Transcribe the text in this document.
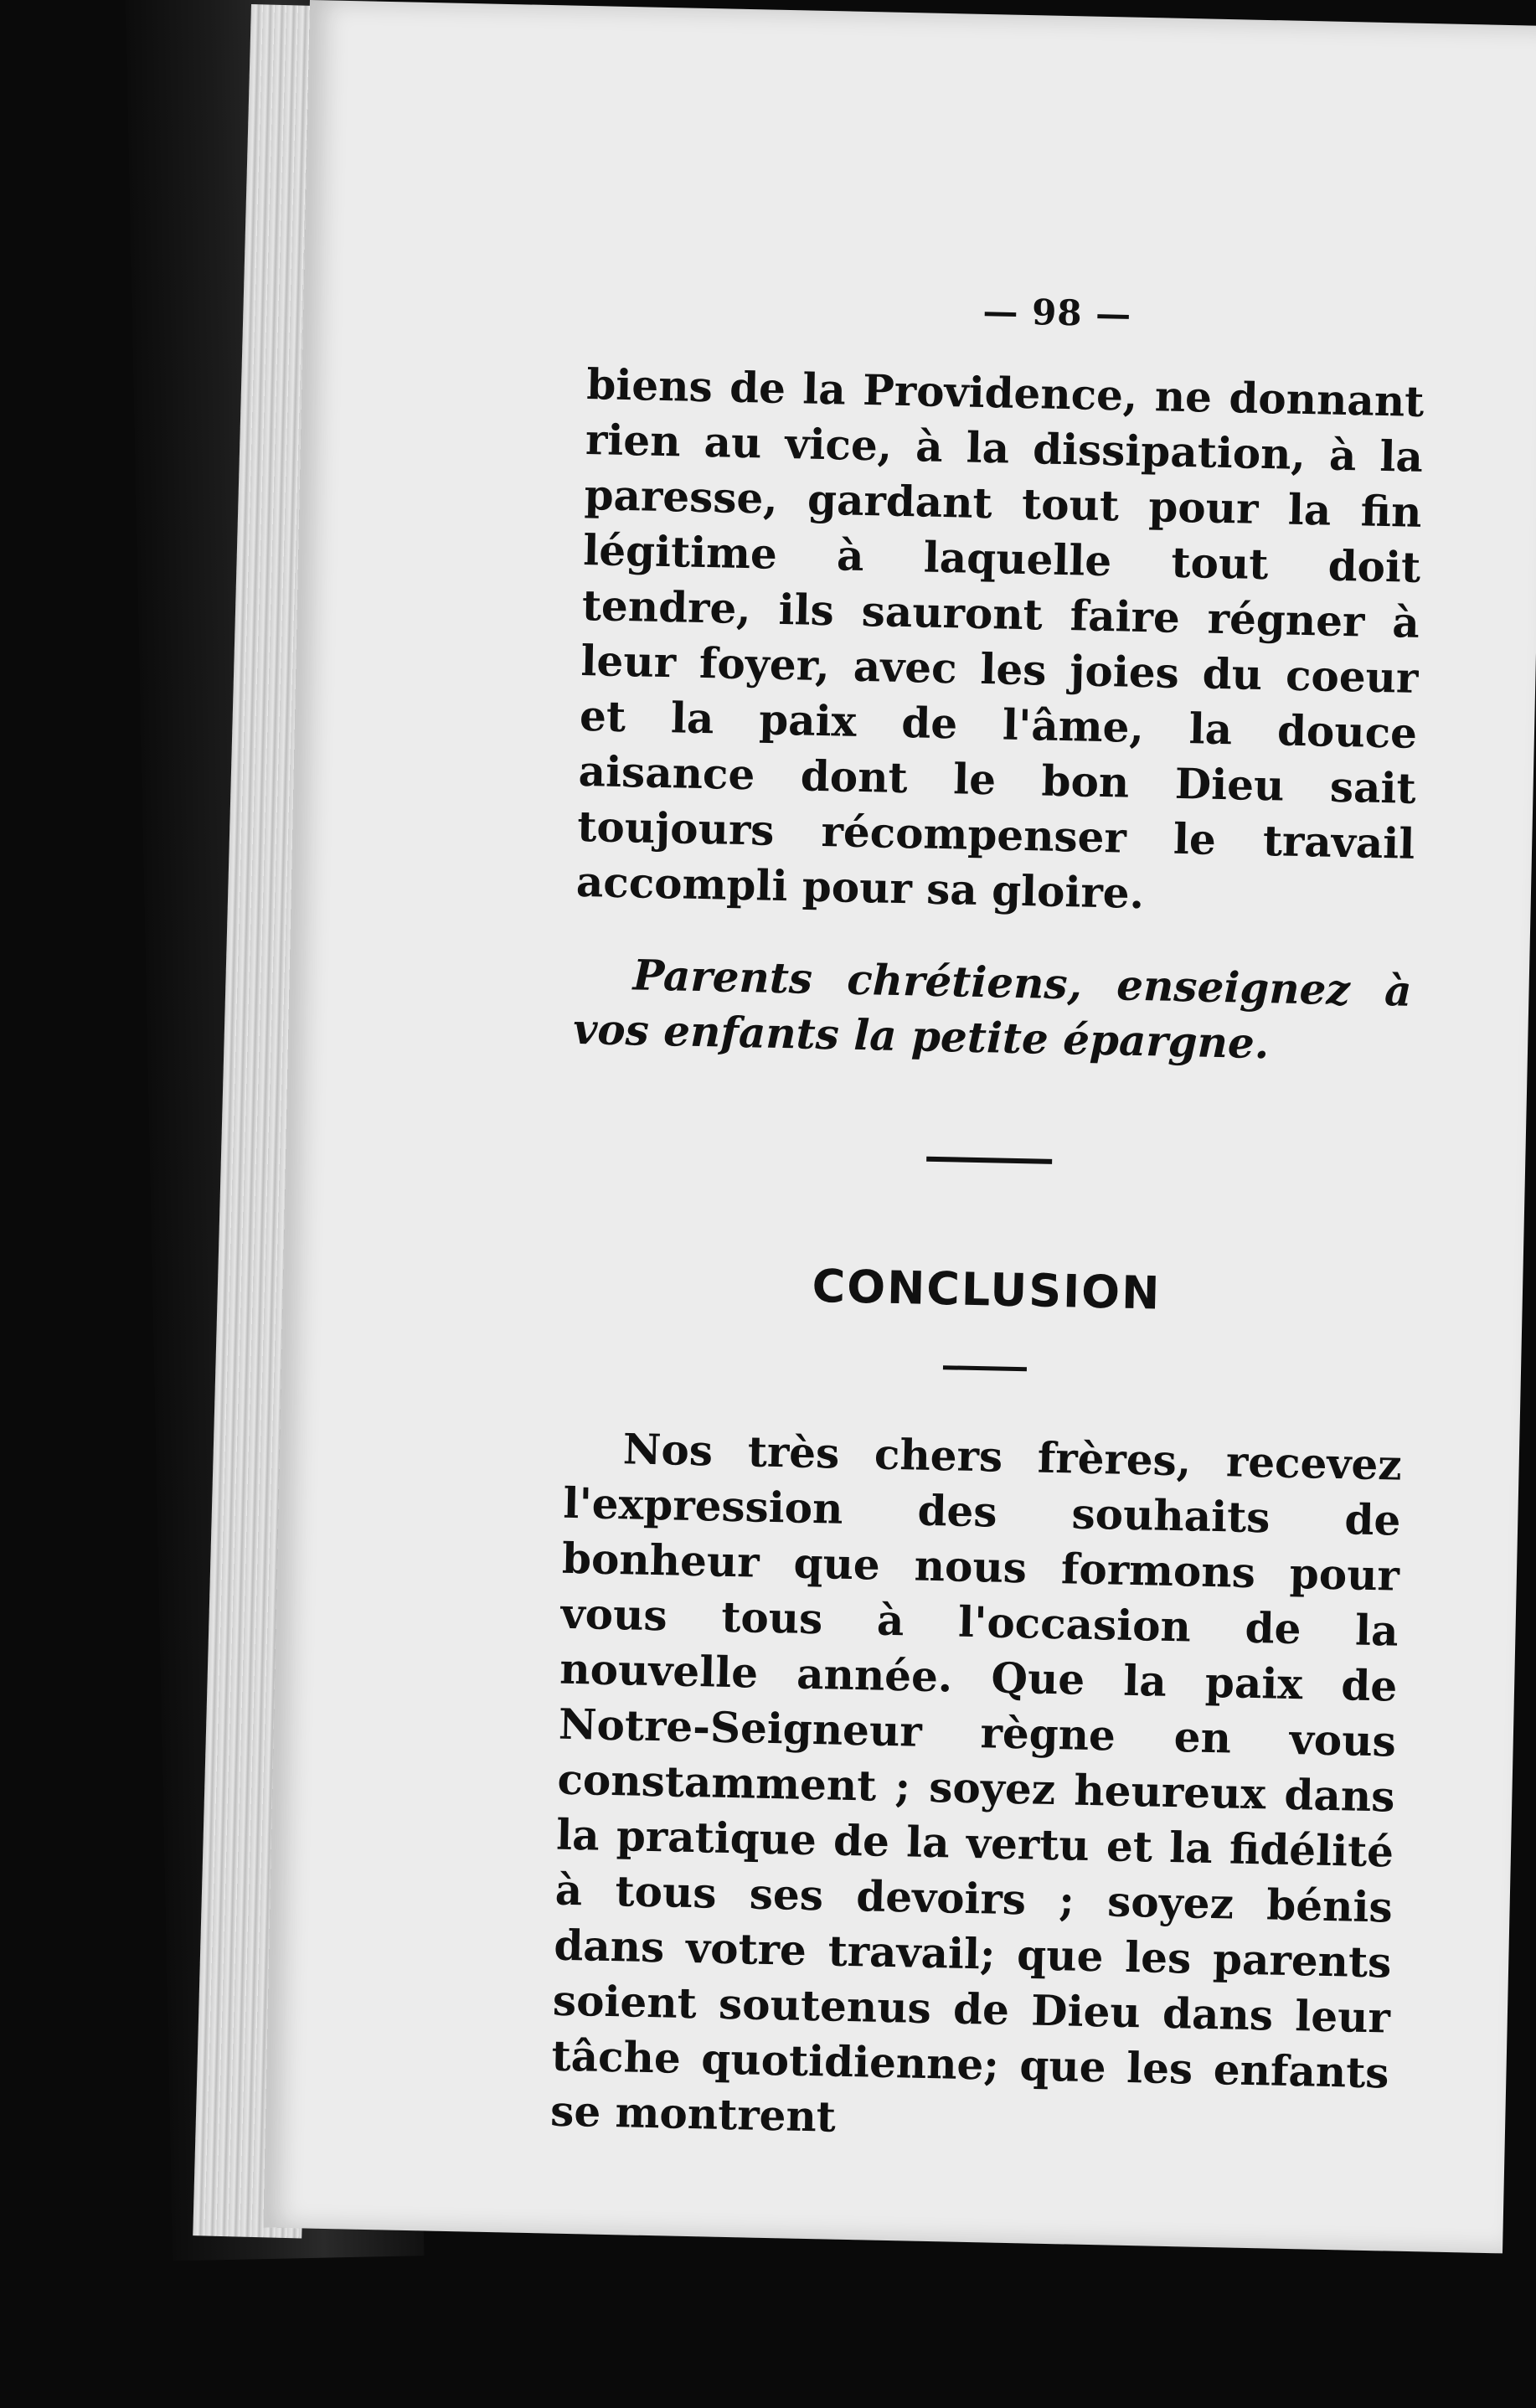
— 98 —

biens de la Providence, ne donnant rien au vice, à la dissipation, à la paresse, gardant tout pour la fin légitime à laquelle tout doit tendre, ils sauront faire régner à leur foyer, avec les joies du coeur et la paix de l'âme, la douce aisance dont le bon Dieu sait toujours récompenser le travail accompli pour sa gloire.

Parents chrétiens, enseignez à vos enfants la petite épargne.

CONCLUSION

Nos très chers frères, recevez l'expression des souhaits de bonheur que nous formons pour vous tous à l'occasion de la nouvelle année. Que la paix de Notre-Seigneur règne en vous constamment ; soyez heureux dans la pratique de la vertu et la fidélité à tous ses devoirs ; soyez bénis dans votre travail; que les parents soient soutenus de Dieu dans leur tâche quotidienne; que les enfants se montrent
